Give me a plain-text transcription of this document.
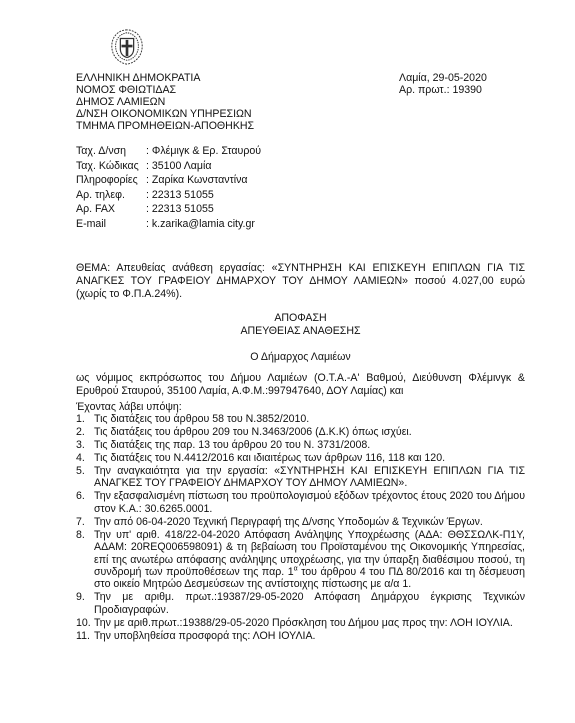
ΕΛΛΗΝΙΚΗ ΔΗΜΟΚΡΑΤΙΑ
ΝΟΜΟΣ ΦΘΙΩΤΙΔΑΣ
ΔΗΜΟΣ ΛΑΜΙΕΩΝ
Δ/ΝΣΗ ΟΙΚΟΝΟΜΙΚΩΝ ΥΠΗΡΕΣΙΩΝ
ΤΜΗΜΑ ΠΡΟΜΗΘΕΙΩΝ-ΑΠΟΘΗΚΗΣ
Λαμία, 29-05-2020
Αρ. πρωτ.: 19390
Ταχ. Δ/νση : Φλέμιγκ & Ερ. Σταυρού
Ταχ. Κώδικας : 35100 Λαμία
Πληροφορίες : Ζαρίκα Κωνσταντίνα
Αρ. τηλεφ. : 22313 51055
Αρ. FAX	: 22313 51055
E-mail	: k.zarika@lamia city.gr
ΘΕΜΑ: Απευθείας ανάθεση εργασίας: «ΣΥΝΤΗΡΗΣΗ ΚΑΙ ΕΠΙΣΚΕΥΗ ΕΠΙΠΛΩΝ ΓΙΑ ΤΙΣ ΑΝΑΓΚΕΣ ΤΟΥ ΓΡΑΦΕΙΟΥ ΔΗΜΑΡΧΟΥ ΤΟΥ ΔΗΜΟΥ ΛΑΜΙΕΩΝ» ποσού 4.027,00 ευρώ (χωρίς το Φ.Π.Α.24%).
ΑΠΟΦΑΣΗ
ΑΠΕΥΘΕΙΑΣ ΑΝΑΘΕΣΗΣ
Ο Δήμαρχος Λαμιέων
ως νόμιμος εκπρόσωπος του Δήμου Λαμιέων (Ο.Τ.Α.-Α' Βαθμού, Διεύθυνση Φλέμινγκ & Ερυθρού Σταυρού, 35100 Λαμία, Α.Φ.Μ.:997947640, ΔΟΥ Λαμίας) και
Έχοντας λάβει υπόψη:
1. Τις διατάξεις του άρθρου 58 του Ν.3852/2010.
2. Τις διατάξεις του άρθρου 209 του Ν.3463/2006 (Δ.Κ.Κ) όπως ισχύει.
3. Τις διατάξεις της παρ. 13 του άρθρου 20 του Ν. 3731/2008.
4. Τις διατάξεις του Ν.4412/2016 και ιδιαιτέρως των άρθρων 116, 118 και 120.
5. Την αναγκαιότητα για την εργασία: «ΣΥΝΤΗΡΗΣΗ ΚΑΙ ΕΠΙΣΚΕΥΗ ΕΠΙΠΛΩΝ ΓΙΑ ΤΙΣ ΑΝΑΓΚΕΣ ΤΟΥ ΓΡΑΦΕΙΟΥ ΔΗΜΑΡΧΟΥ ΤΟΥ ΔΗΜΟΥ ΛΑΜΙΕΩΝ».
6. Την εξασφαλισμένη πίστωση του προϋπολογισμού εξόδων τρέχοντος έτους 2020 του Δήμου στον Κ.Α.: 30.6265.0001.
7. Την από 06-04-2020 Τεχνική Περιγραφή της Δ/νσης Υποδομών & Τεχνικών Έργων.
8. Την υπ' αριθ. 418/22-04-2020 Απόφαση Ανάληψης Υποχρέωσης (ΑΔΑ: ΘΘΣΣΩΛΚ-Π1Υ, ΑΔΑΜ: 20REQ006598091) & τη βεβαίωση του Προϊσταμένου της Οικονομικής Υπηρεσίας, επί της ανωτέρω απόφασης ανάληψης υποχρέωσης, για την ύπαρξη διαθέσιμου ποσού, τη συνδρομή των προϋποθέσεων της παρ. $1^\alpha$ του άρθρου 4 του ΠΔ 80/2016 και τη δέσμευση στο οικείο Μητρώο Δεσμεύσεων της αντίστοιχης πίστωσης με α/α 1.
9. Την με αριθμ. πρωτ.:19387/29-05-2020 Απόφαση Δημάρχου έγκρισης Τεχνικών Προδιαγραφών.
10. Την με αριθ.πρωτ.:19388/29-05-2020 Πρόσκληση του Δήμου μας προς την: ΛΟΗ ΙΟΥΛΙΑ.
11. Την υποβληθείσα προσφορά της: ΛΟΗ ΙΟΥΛΙΑ.
